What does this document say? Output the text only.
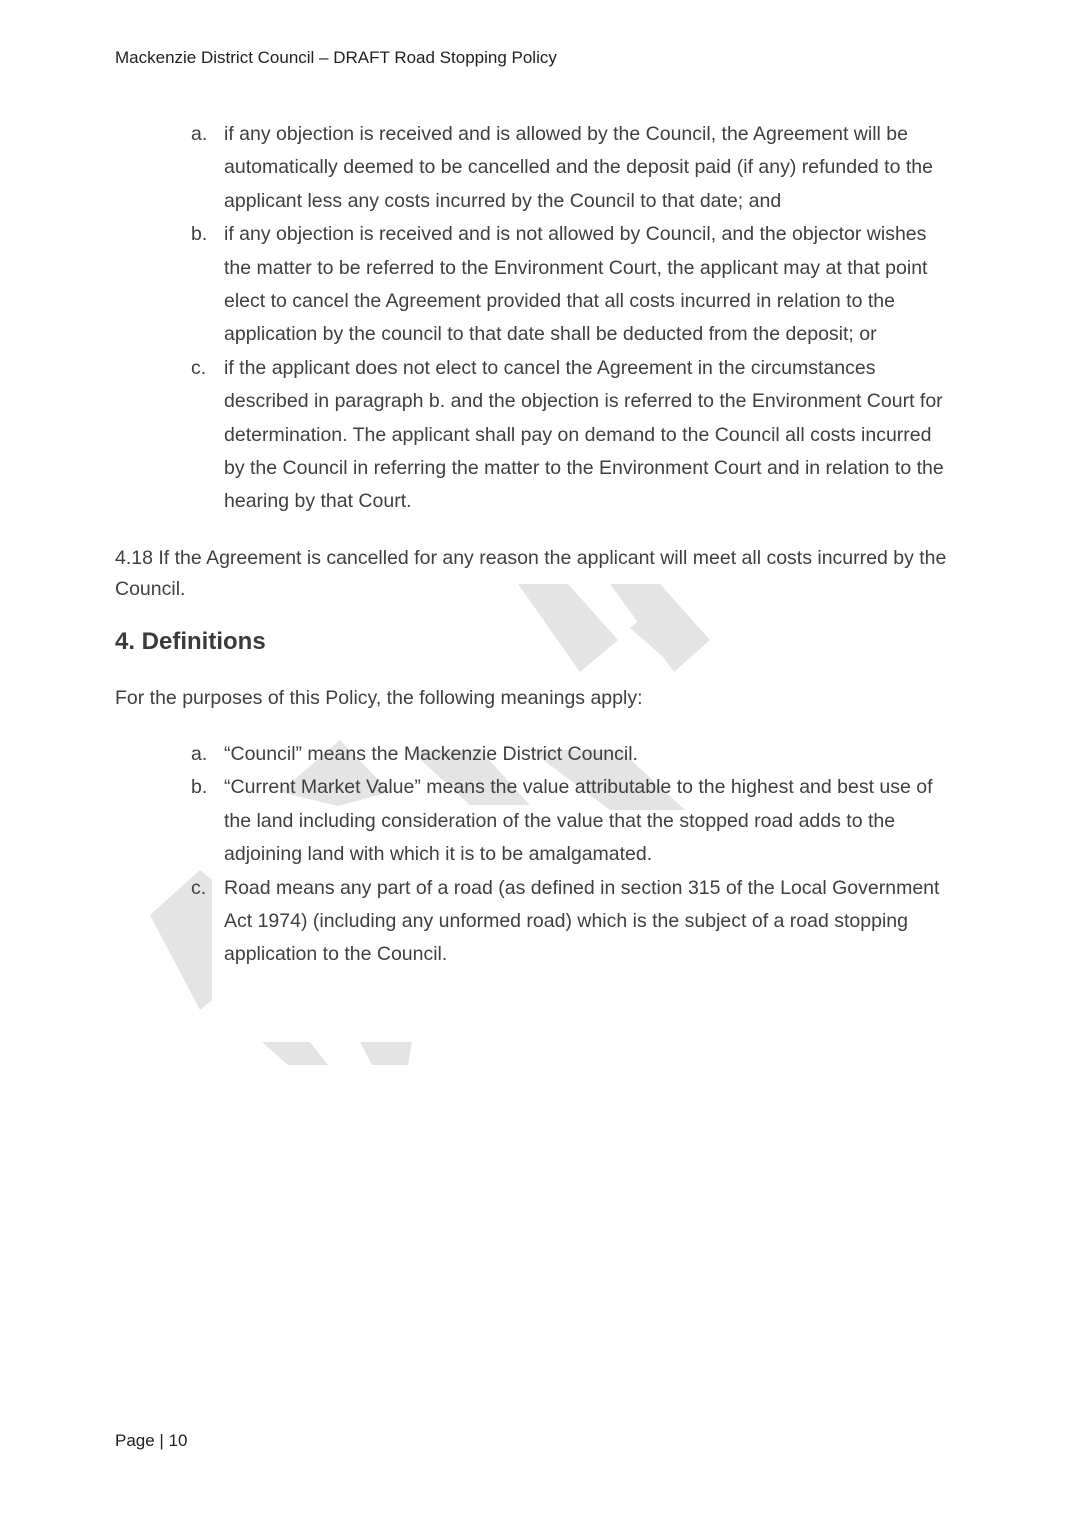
Mackenzie District Council – DRAFT Road Stopping Policy
a. if any objection is received and is allowed by the Council, the Agreement will be automatically deemed to be cancelled and the deposit paid (if any) refunded to the applicant less any costs incurred by the Council to that date; and
b. if any objection is received and is not allowed by Council, and the objector wishes the matter to be referred to the Environment Court, the applicant may at that point elect to cancel the Agreement provided that all costs incurred in relation to the application by the council to that date shall be deducted from the deposit; or
c. if the applicant does not elect to cancel the Agreement in the circumstances described in paragraph b. and the objection is referred to the Environment Court for determination. The applicant shall pay on demand to the Council all costs incurred by the Council in referring the matter to the Environment Court and in relation to the hearing by that Court.

4.18 If the Agreement is cancelled for any reason the applicant will meet all costs incurred by the Council.

4. Definitions

For the purposes of this Policy, the following meanings apply:

a. “Council” means the Mackenzie District Council.
b. “Current Market Value” means the value attributable to the highest and best use of the land including consideration of the value that the stopped road adds to the adjoining land with which it is to be amalgamated.
c. Road means any part of a road (as defined in section 315 of the Local Government Act 1974) (including any unformed road) which is the subject of a road stopping application to the Council.
Page | 10
